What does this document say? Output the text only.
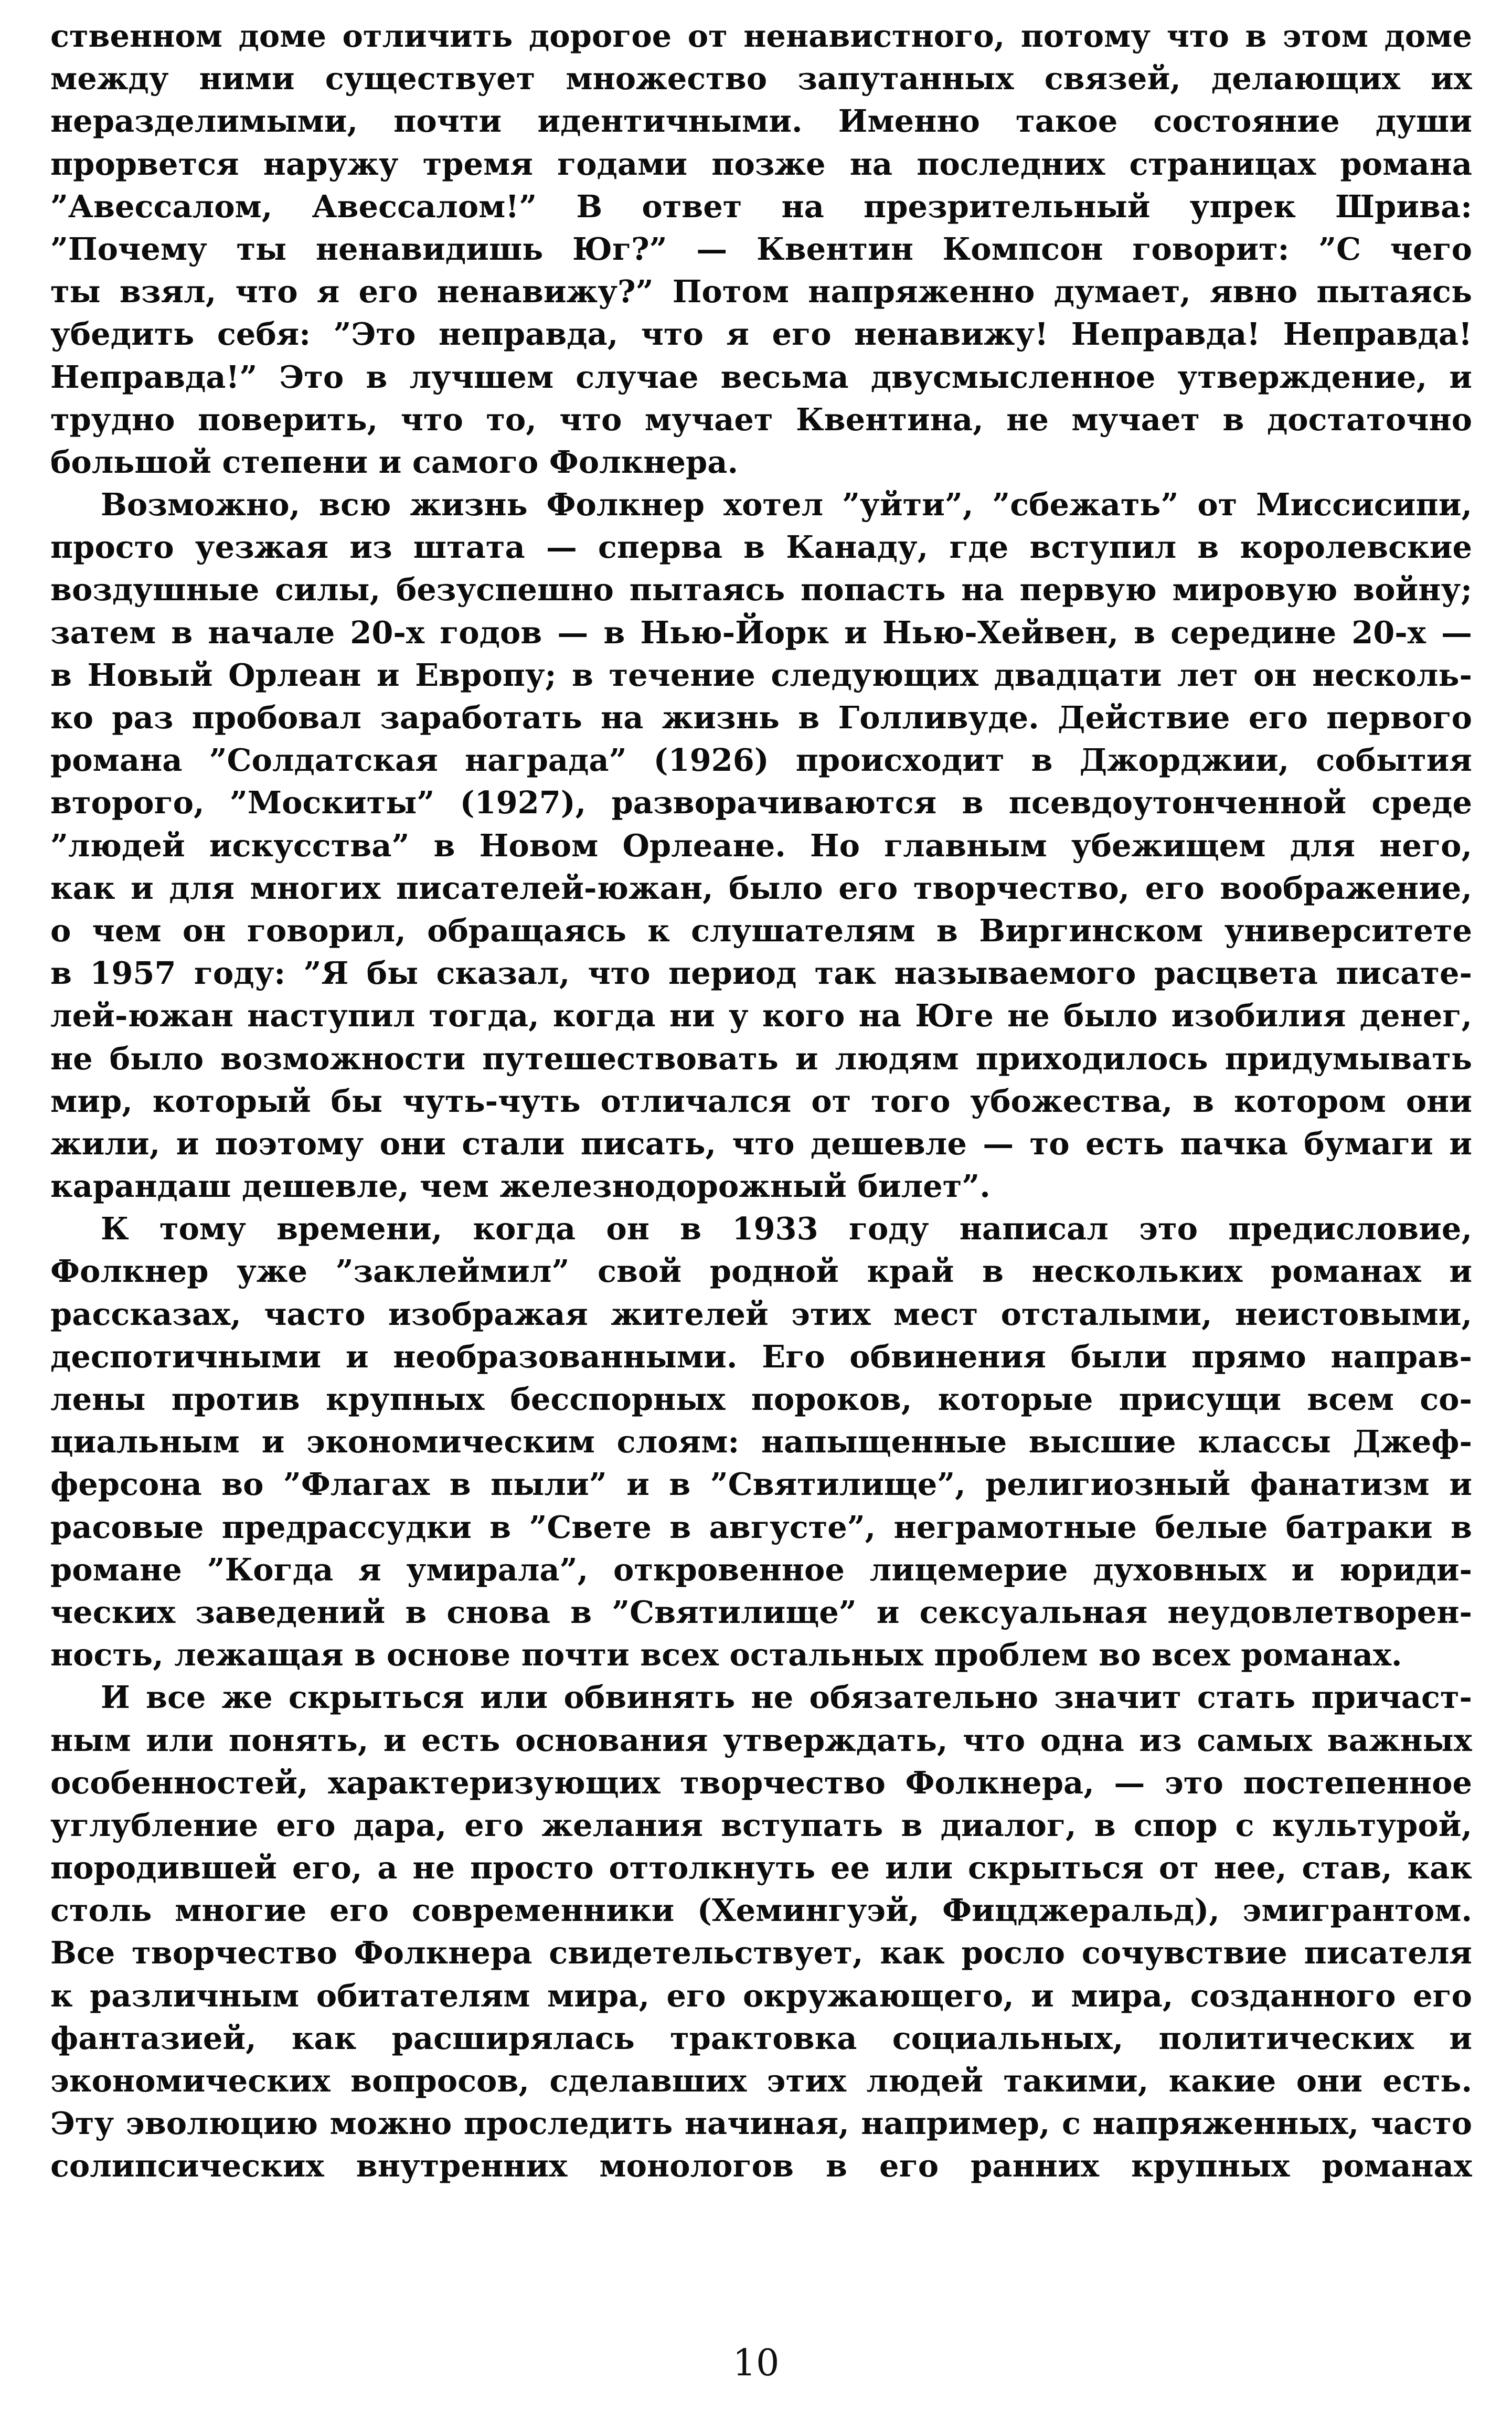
ственном доме отличить дорогое от ненавистного, потому что в этом доме
между ними существует множество запутанных связей, делающих их
неразделимыми, почти идентичными. Именно такое состояние души
прорвется наружу тремя годами позже на последних страницах романа
”Авессалом, Авессалом!” В ответ на презрительный упрек Шрива:
”Почему ты ненавидишь Юг?” — Квентин Компсон говорит: ”С чего
ты взял, что я его ненавижу?” Потом напряженно думает, явно пытаясь
убедить себя: ”Это неправда, что я его ненавижу! Неправда! Неправда!
Неправда!” Это в лучшем случае весьма двусмысленное утверждение, и
трудно поверить, что то, что мучает Квентина, не мучает в достаточно
большой степени и самого Фолкнера.
Возможно, всю жизнь Фолкнер хотел ”уйти”, ”сбежать” от Миссисипи,
просто уезжая из штата — сперва в Канаду, где вступил в королевские
воздушные силы, безуспешно пытаясь попасть на первую мировую войну;
затем в начале 20-х годов — в Нью-Йорк и Нью-Хейвен, в середине 20-х —
в Новый Орлеан и Европу; в течение следующих двадцати лет он несколь-
ко раз пробовал заработать на жизнь в Голливуде. Действие его первого
романа ”Солдатская награда” (1926) происходит в Джорджии, события
второго, ”Москиты” (1927), разворачиваются в псевдоутонченной среде
”людей искусства” в Новом Орлеане. Но главным убежищем для него,
как и для многих писателей-южан, было его творчество, его воображение,
о чем он говорил, обращаясь к слушателям в Виргинском университете
в 1957 году: ”Я бы сказал, что период так называемого расцвета писате-
лей-южан наступил тогда, когда ни у кого на Юге не было изобилия денег,
не было возможности путешествовать и людям приходилось придумывать
мир, который бы чуть-чуть отличался от того убожества, в котором они
жили, и поэтому они стали писать, что дешевле — то есть пачка бумаги и
карандаш дешевле, чем железнодорожный билет”.
К тому времени, когда он в 1933 году написал это предисловие,
Фолкнер уже ”заклеймил” свой родной край в нескольких романах и
рассказах, часто изображая жителей этих мест отсталыми, неистовыми,
деспотичными и необразованными. Его обвинения были прямо направ-
лены против крупных бесспорных пороков, которые присущи всем со-
циальным и экономическим слоям: напыщенные высшие классы Джеф-
ферсона во ”Флагах в пыли” и в ”Святилище”, религиозный фанатизм и
расовые предрассудки в ”Свете в августе”, неграмотные белые батраки в
романе ”Когда я умирала”, откровенное лицемерие духовных и юриди-
ческих заведений в снова в ”Святилище” и сексуальная неудовлетворен-
ность, лежащая в основе почти всех остальных проблем во всех романах.
И все же скрыться или обвинять не обязательно значит стать причаст-
ным или понять, и есть основания утверждать, что одна из самых важных
особенностей, характеризующих творчество Фолкнера, — это постепенное
углубление его дара, его желания вступать в диалог, в спор с культурой,
породившей его, а не просто оттолкнуть ее или скрыться от нее, став, как
столь многие его современники (Хемингуэй, Фицджеральд), эмигрантом.
Все творчество Фолкнера свидетельствует, как росло сочувствие писателя
к различным обитателям мира, его окружающего, и мира, созданного его
фантазией, как расширялась трактовка социальных, политических и
экономических вопросов, сделавших этих людей такими, какие они есть.
Эту эволюцию можно проследить начиная, например, с напряженных, часто
солипсических внутренних монологов в его ранних крупных романах
10
